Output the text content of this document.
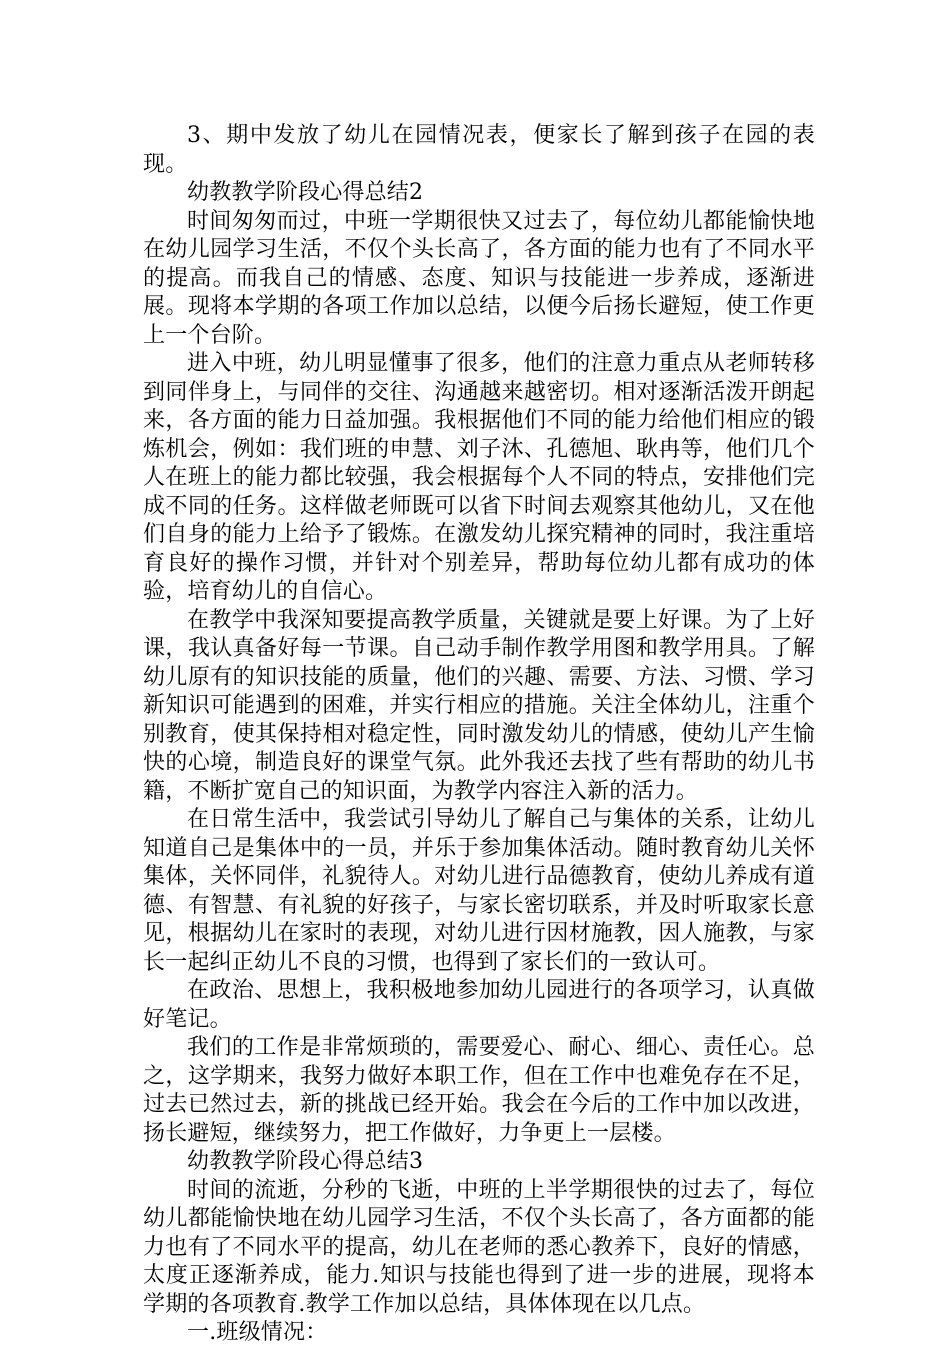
3、期中发放了幼儿在园情况表，便家长了解到孩子在园的表现。

幼教教学阶段心得总结2

时间匆匆而过，中班一学期很快又过去了，每位幼儿都能愉快地在幼儿园学习生活，不仅个头长高了，各方面的能力也有了不同水平的提高。而我自己的情感、态度、知识与技能进一步养成，逐渐进展。现将本学期的各项工作加以总结，以便今后扬长避短，使工作更上一个台阶。

进入中班，幼儿明显懂事了很多，他们的注意力重点从老师转移到同伴身上，与同伴的交往、沟通越来越密切。相对逐渐活泼开朗起来，各方面的能力日益加强。我根据他们不同的能力给他们相应的锻炼机会，例如：我们班的申慧、刘子沐、孔德旭、耿冉等，他们几个人在班上的能力都比较强，我会根据每个人不同的特点，安排他们完成不同的任务。这样做老师既可以省下时间去观察其他幼儿，又在他们自身的能力上给予了锻炼。在激发幼儿探究精神的同时，我注重培育良好的操作习惯，并针对个别差异，帮助每位幼儿都有成功的体验，培育幼儿的自信心。

在教学中我深知要提高教学质量，关键就是要上好课。为了上好课，我认真备好每一节课。自己动手制作教学用图和教学用具。了解幼儿原有的知识技能的质量，他们的兴趣、需要、方法、习惯、学习新知识可能遇到的困难，并实行相应的措施。关注全体幼儿，注重个别教育，使其保持相对稳定性，同时激发幼儿的情感，使幼儿产生愉快的心境，制造良好的课堂气氛。此外我还去找了些有帮助的幼儿书籍，不断扩宽自己的知识面，为教学内容注入新的活力。

在日常生活中，我尝试引导幼儿了解自己与集体的关系，让幼儿知道自己是集体中的一员，并乐于参加集体活动。随时教育幼儿关怀集体，关怀同伴，礼貌待人。对幼儿进行品德教育，使幼儿养成有道德、有智慧、有礼貌的好孩子，与家长密切联系，并及时听取家长意见，根据幼儿在家时的表现，对幼儿进行因材施教，因人施教，与家长一起纠正幼儿不良的习惯，也得到了家长们的一致认可。

在政治、思想上，我积极地参加幼儿园进行的各项学习，认真做好笔记。

我们的工作是非常烦琐的，需要爱心、耐心、细心、责任心。总之，这学期来，我努力做好本职工作，但在工作中也难免存在不足，过去已然过去，新的挑战已经开始。我会在今后的工作中加以改进，扬长避短，继续努力，把工作做好，力争更上一层楼。

幼教教学阶段心得总结3

时间的流逝，分秒的飞逝，中班的上半学期很快的过去了，每位幼儿都能愉快地在幼儿园学习生活，不仅个头长高了，各方面都的能力也有了不同水平的提高，幼儿在老师的悉心教养下，良好的情感，太度正逐渐养成，能力.知识与技能也得到了进一步的进展，现将本学期的各项教育.教学工作加以总结，具体体现在以几点。

一.班级情况：
